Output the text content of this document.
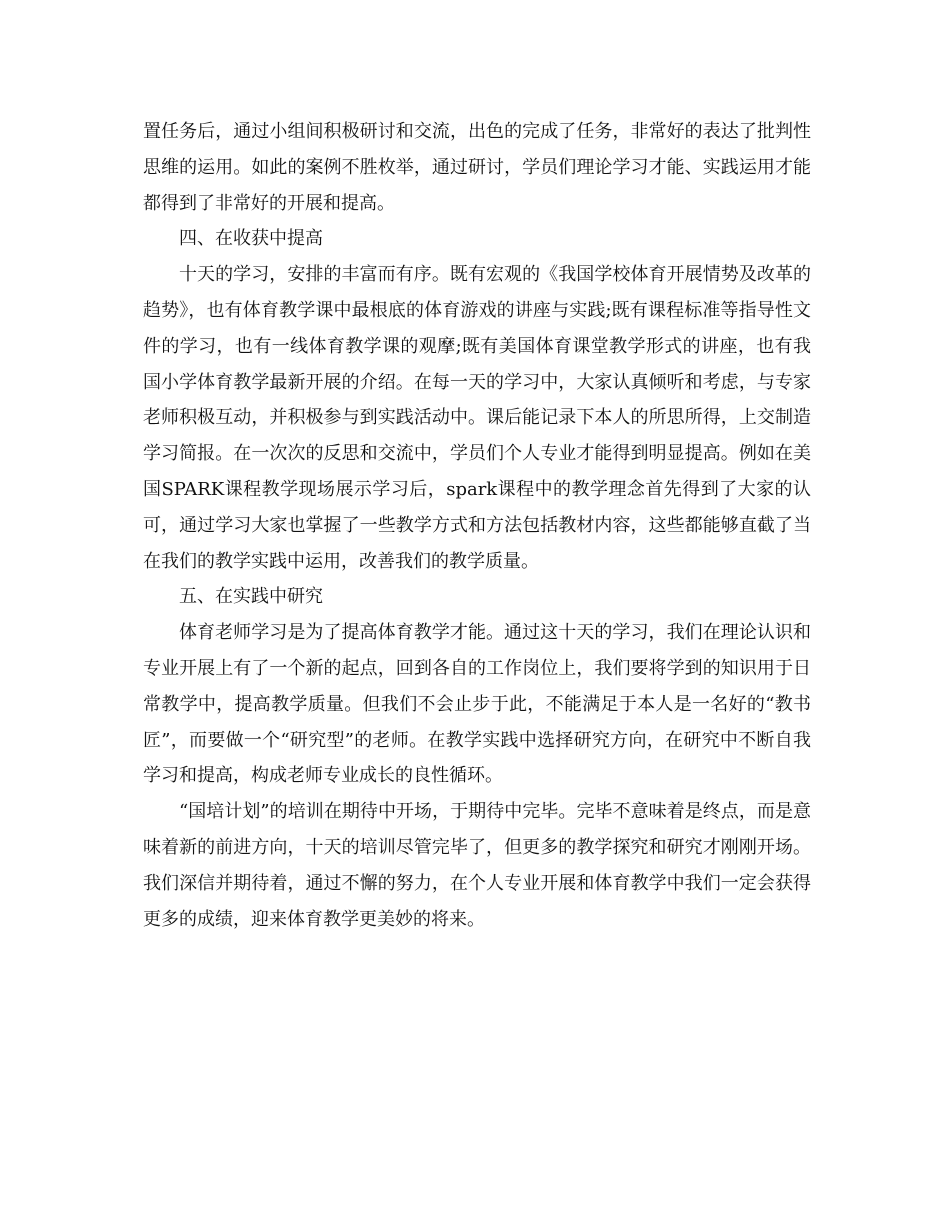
置任务后，通过小组间积极研讨和交流，出色的完成了任务，非常好的表达了批判性思维的运用。如此的案例不胜枚举，通过研讨，学员们理论学习才能、实践运用才能都得到了非常好的开展和提高。

四、在收获中提高

十天的学习，安排的丰富而有序。既有宏观的《我国学校体育开展情势及改革的趋势》，也有体育教学课中最根底的体育游戏的讲座与实践;既有课程标准等指导性文件的学习，也有一线体育教学课的观摩;既有美国体育课堂教学形式的讲座，也有我国小学体育教学最新开展的介绍。在每一天的学习中，大家认真倾听和考虑，与专家老师积极互动，并积极参与到实践活动中。课后能记录下本人的所思所得，上交制造学习简报。在一次次的反思和交流中，学员们个人专业才能得到明显提高。例如在美国SPARK课程教学现场展示学习后，spark课程中的教学理念首先得到了大家的认可，通过学习大家也掌握了一些教学方式和方法包括教材内容，这些都能够直截了当在我们的教学实践中运用，改善我们的教学质量。

五、在实践中研究

体育老师学习是为了提高体育教学才能。通过这十天的学习，我们在理论认识和专业开展上有了一个新的起点，回到各自的工作岗位上，我们要将学到的知识用于日常教学中，提高教学质量。但我们不会止步于此，不能满足于本人是一名好的“教书匠”，而要做一个“研究型”的老师。在教学实践中选择研究方向，在研究中不断自我学习和提高，构成老师专业成长的良性循环。

“国培计划”的培训在期待中开场，于期待中完毕。完毕不意味着是终点，而是意味着新的前进方向，十天的培训尽管完毕了，但更多的教学探究和研究才刚刚开场。我们深信并期待着，通过不懈的努力，在个人专业开展和体育教学中我们一定会获得更多的成绩，迎来体育教学更美妙的将来。
